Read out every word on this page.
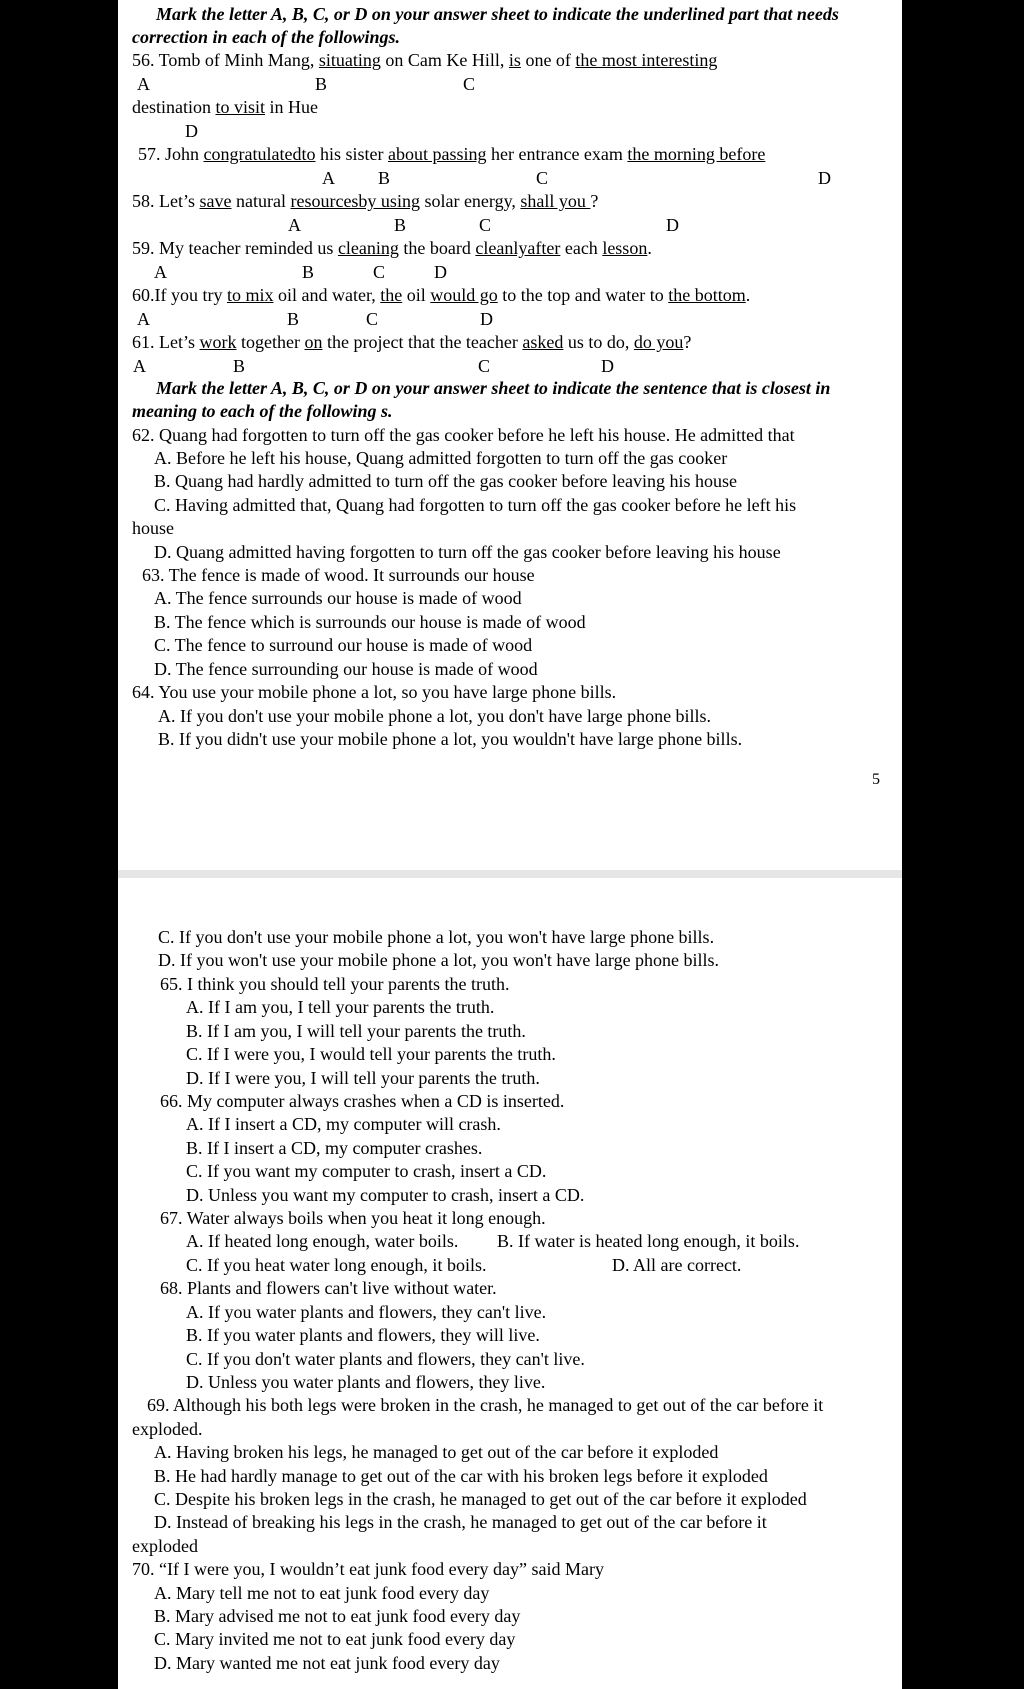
Mark the letter A, B, C, or D on your answer sheet to indicate the underlined part that needs
correction in each of the followings.
56. Tomb of Minh Mang, situating on Cam Ke Hill, is one of the most interesting
A	B	C
destination to visit in Hue
D
57. John congratulatedto his sister about passing her entrance exam the morning before
A B	C	D
58. Let’s save natural resourcesby using solar energy, shall you ?
A	B	C	D
59. My teacher reminded us cleaning the board cleanlyafter each lesson.
A	B	C	D
60.If you try to mix oil and water, the oil would go to the top and water to the bottom.
A	B	C	D
61. Let’s work together on the project that the teacher asked us to do, do you?
A	B	C	D
Mark the letter A, B, C, or D on your answer sheet to indicate the sentence that is closest in
meaning to each of the following s.
62. Quang had forgotten to turn off the gas cooker before he left his house. He admitted that
A. Before he left his house, Quang admitted forgotten to turn off the gas cooker
B. Quang had hardly admitted to turn off the gas cooker before leaving his house
C. Having admitted that, Quang had forgotten to turn off the gas cooker before he left his
house
D. Quang admitted having forgotten to turn off the gas cooker before leaving his house
63. The fence is made of wood. It surrounds our house
A. The fence surrounds our house is made of wood
B. The fence which is surrounds our house is made of wood
C. The fence to surround our house is made of wood
D. The fence surrounding our house is made of wood
64. You use your mobile phone a lot, so you have large phone bills.
A. If you don't use your mobile phone a lot, you don't have large phone bills.
B. If you didn't use your mobile phone a lot, you wouldn't have large phone bills.
5
C. If you don't use your mobile phone a lot, you won't have large phone bills.
D. If you won't use your mobile phone a lot, you won't have large phone bills.
65. I think you should tell your parents the truth.
A. If I am you, I tell your parents the truth.
B. If I am you, I will tell your parents the truth.
C. If I were you, I would tell your parents the truth.
D. If I were you, I will tell your parents the truth.
66. My computer always crashes when a CD is inserted.
A. If I insert a CD, my computer will crash.
B. If I insert a CD, my computer crashes.
C. If you want my computer to crash, insert a CD.
D. Unless you want my computer to crash, insert a CD.
67. Water always boils when you heat it long enough.
A. If heated long enough, water boils. B. If water is heated long enough, it boils.
C. If you heat water long enough, it boils.	D. All are correct.
68. Plants and flowers can't live without water.
A. If you water plants and flowers, they can't live.
B. If you water plants and flowers, they will live.
C. If you don't water plants and flowers, they can't live.
D. Unless you water plants and flowers, they live.
69. Although his both legs were broken in the crash, he managed to get out of the car before it
exploded.
A. Having broken his legs, he managed to get out of the car before it exploded
B. He had hardly manage to get out of the car with his broken legs before it exploded
C. Despite his broken legs in the crash, he managed to get out of the car before it exploded
D. Instead of breaking his legs in the crash, he managed to get out of the car before it
exploded
70. “If I were you, I wouldn’t eat junk food every day” said Mary
A. Mary tell me not to eat junk food every day
B. Mary advised me not to eat junk food every day
C. Mary invited me not to eat junk food every day
D. Mary wanted me not eat junk food every day
